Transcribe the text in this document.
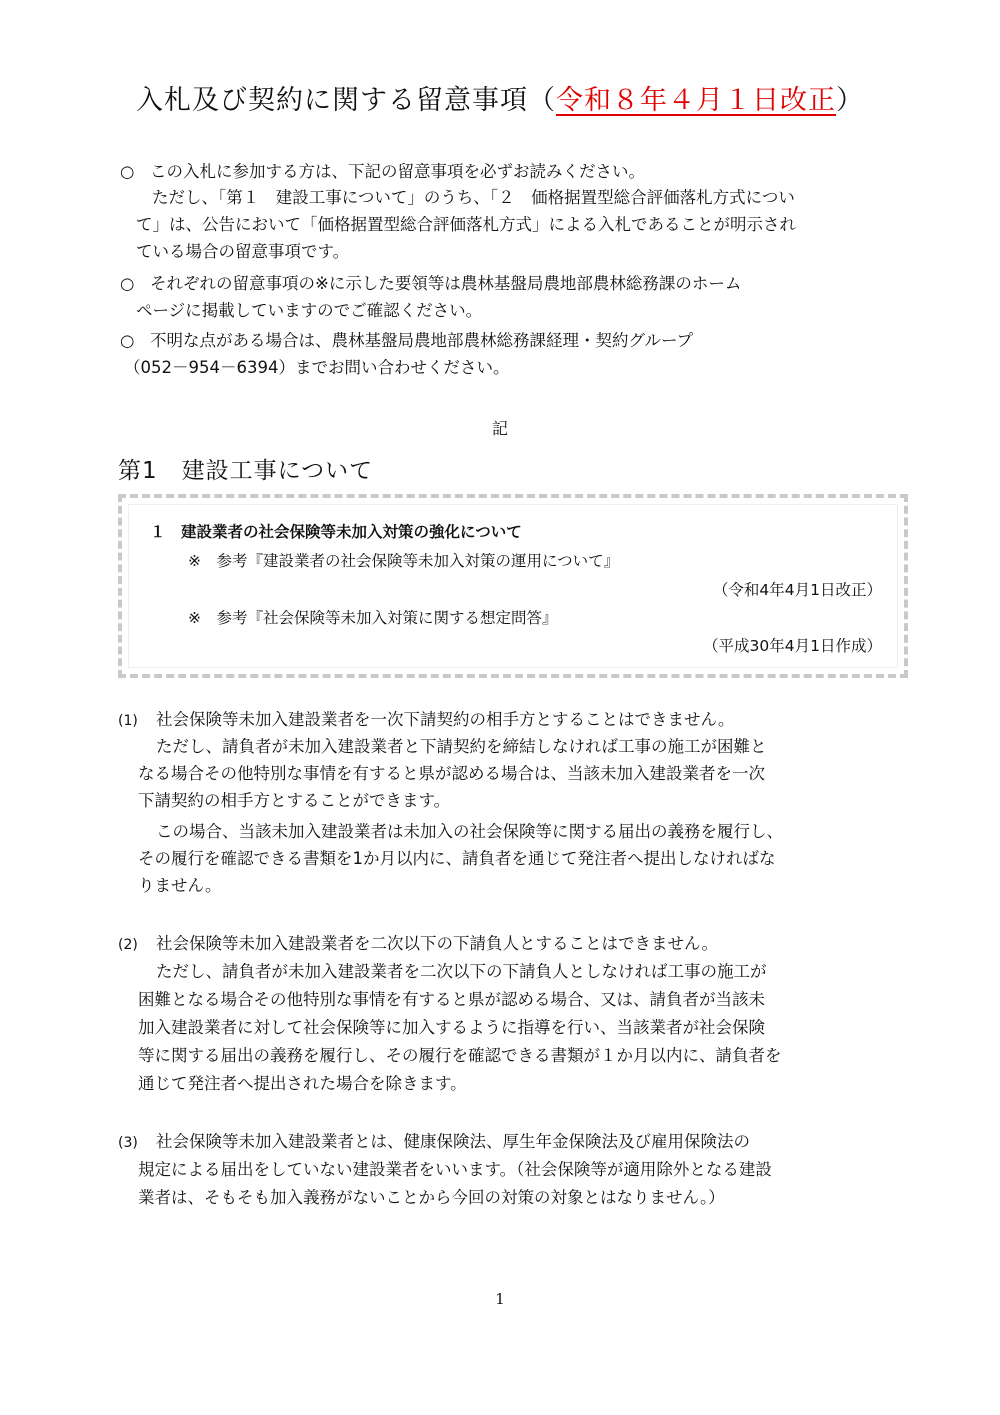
入札及び契約に関する留意事項（令和８年４月１日改正）
○ この入札に参加する方は、下記の留意事項を必ずお読みください。
ただし、「第１　建設工事について」のうち、「２　価格据置型総合評価落札方式につい
て」は、公告において「価格据置型総合評価落札方式」による入札であることが明示され
ている場合の留意事項です。
○ それぞれの留意事項の※に示した要領等は農林基盤局農地部農林総務課のホーム
ページに掲載していますのでご確認ください。
○ 不明な点がある場合は、農林基盤局農地部農林総務課経理・契約グループ
（052－954－6394）までお問い合わせください。
記
第1　建設工事について
１　建設業者の社会保険等未加入対策の強化について
※　参考『建設業者の社会保険等未加入対策の運用について』
（令和4年4月1日改正）
※　参考『社会保険等未加入対策に関する想定問答』
（平成30年4月1日作成）
(1) 社会保険等未加入建設業者を一次下請契約の相手方とすることはできません。
ただし、請負者が未加入建設業者と下請契約を締結しなければ工事の施工が困難と
なる場合その他特別な事情を有すると県が認める場合は、当該未加入建設業者を一次
下請契約の相手方とすることができます。
この場合、当該未加入建設業者は未加入の社会保険等に関する届出の義務を履行し、
その履行を確認できる書類を1か月以内に、請負者を通じて発注者へ提出しなければな
りません。
(2) 社会保険等未加入建設業者を二次以下の下請負人とすることはできません。
ただし、請負者が未加入建設業者を二次以下の下請負人としなければ工事の施工が
困難となる場合その他特別な事情を有すると県が認める場合、又は、請負者が当該未
加入建設業者に対して社会保険等に加入するように指導を行い、当該業者が社会保険
等に関する届出の義務を履行し、その履行を確認できる書類が１か月以内に、請負者を
通じて発注者へ提出された場合を除きます。
(3) 社会保険等未加入建設業者とは、健康保険法、厚生年金保険法及び雇用保険法の
規定による届出をしていない建設業者をいいます。（社会保険等が適用除外となる建設
業者は、そもそも加入義務がないことから今回の対策の対象とはなりません。）
1
